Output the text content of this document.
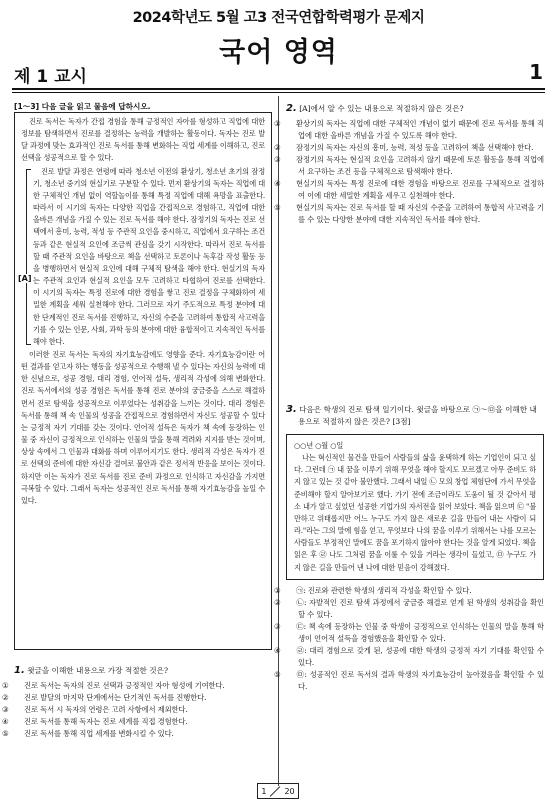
2024학년도 5월 고3 전국연합학력평가 문제지
국어 영역
제 1 교시	1
[1～3] 다음 글을 읽고 물음에 답하시오.

진로 독서는 독자가 간접 경험을 통해 긍정적인 자아를 형성하고 직업에 대한 정보를 탐색하면서 진로를 결정하는 능력을 개발하는 활동이다. 독자는 진로 발달 과정에 맞는 효과적인 진로 독서를 통해 변화하는 직업 세계를 이해하고, 진로 선택을 성공적으로 할 수 있다.

[A]

진로 발달 과정은 연령에 따라 청소년 이전의 환상기, 청소년 초기의 잠정기, 청소년 중기의 현실기로 구분할 수 있다. 먼저 환상기의 독자는 직업에 대한 구체적인 개념 없이 역할놀이를 통해 특정 직업에 대해 욕망을 표출한다. 따라서 이 시기의 독자는 다양한 직업을 간접적으로 경험하고, 직업에 대한 올바른 개념을 가질 수 있는 진로 독서를 해야 한다. 잠정기의 독자는 진로 선택에서 흥미, 능력, 적성 등 주관적 요인을 중시하고, 직업에서 요구하는 조건 등과 같은 현실적 요인에 조금씩 관심을 갖기 시작한다. 따라서 진로 독서를 할 때 주관적 요인을 바탕으로 책을 선택하고 토론이나 독후감 작성 활동 등을 병행하면서 현실적 요인에 대해 구체적 탐색을 해야 한다. 현실기의 독자는 주관적 요인과 현실적 요인을 모두 고려하고 타협하여 진로를 선택한다. 이 시기의 독자는 특정 진로에 대한 경험을 쌓고 진로 결정을 구체화하여 세밀한 계획을 세워 실천해야 한다. 그러므로 자기 주도적으로 특정 분야에 대한 단계적인 진로 독서를 진행하고, 자신의 수준을 고려하여 통합적 사고력을 기를 수 있는 인문, 사회, 과학 등의 분야에 대한 융합적이고 지속적인 독서를 해야 한다.

이러한 진로 독서는 독자의 자기효능감에도 영향을 준다. 자기효능감이란 어떤 결과를 얻고자 하는 행동을 성공적으로 수행해 낼 수 있다는 자신의 능력에 대한 신념으로, 성공 경험, 대리 경험, 언어적 설득, 생리적 각성에 의해 변화한다. 진로 독서에서의 성공 경험은 독서를 통해 진로 분야의 궁금증을 스스로 해결하면서 진로 탐색을 성공적으로 이루었다는 성취감을 느끼는 것이다. 대리 경험은 독서를 통해 책 속 인물의 성공을 간접적으로 경험하면서 자신도 성공할 수 있다는 긍정적 자기 기대를 갖는 것이다. 언어적 설득은 독자가 책 속에 등장하는 인물 중 자신이 긍정적으로 인식하는 인물의 말을 통해 격려와 지지를 받는 것이며, 상상 속에서 그 인물과 대화를 하며 이루어지기도 한다. 생리적 각성은 독자가 진로 선택의 준비에 대한 자신감 결여로 불안과 같은 정서적 반응을 보이는 것이다. 하지만 이는 독자가 진로 독서를 진로 준비 과정으로 인식하고 자신감을 가지면 극복할 수 있다. 그래서 독자는 성공적인 진로 독서를 통해 자기효능감을 높일 수 있다.

1. 윗글을 이해한 내용으로 가장 적절한 것은?
① 진로 독서는 독자의 진로 선택과 긍정적인 자아 형성에 기여한다.
② 진로 발달의 마지막 단계에서는 단기적인 독서를 진행한다.
③ 진로 독서 시 독자의 연령은 고려 사항에서 제외한다.
④ 진로 독서를 통해 독자는 진로 세계를 직접 경험한다.
⑤ 진로 독서를 통해 직업 세계를 변화시킬 수 있다.
2. [A]에서 알 수 있는 내용으로 적절하지 않은 것은?
① 환상기의 독자는 직업에 대한 구체적인 개념이 없기 때문에 진로 독서를 통해 직업에 대한 올바른 개념을 가질 수 있도록 해야 한다.
② 잠정기의 독자는 자신의 흥미, 능력, 적성 등을 고려하여 책을 선택해야 한다.
③ 잠정기의 독자는 현실적 요인을 고려하지 않기 때문에 토론 활동을 통해 직업에서 요구하는 조건 등을 구체적으로 탐색해야 한다.
④ 현실기의 독자는 특정 진로에 대한 경험을 바탕으로 진로를 구체적으로 결정하여 이에 대한 세밀한 계획을 세우고 실천해야 한다.
⑤ 현실기의 독자는 진로 독서를 할 때 자신의 수준을 고려하여 통합적 사고력을 기를 수 있는 다양한 분야에 대한 지속적인 독서를 해야 한다.
3. 다음은 학생의 진로 탐색 일기이다. 윗글을 바탕으로 ㉠～㉤을 이해한 내용으로 적절하지 않은 것은? [3점]
○○년 ○월 ○일

나는 혁신적인 물건을 만들어 사람들의 삶을 윤택하게 하는 기업인이 되고 싶다. 그런데 ㉠ 내 꿈을 이루기 위해 무엇을 해야 할지도 모르겠고 아무 준비도 하지 않고 있는 것 같아 불안했다. 그래서 내일 ㉡ 모의 창업 체험단에 가서 무엇을 준비해야 할지 알아보기로 했다. 가기 전에 조금이라도 도움이 될 것 같아서 평소 내가 알고 싶었던 성공한 기업가의 자서전을 읽어 보았다. 책을 읽으며 ㉢ "불만하고 위태롭지만 어느 누구도 가지 않은 새로운 길을 만들어 내는 사람이 되라."라는 그의 말에 힘을 얻고, 무엇보다 나의 꿈을 이루기 위해서는 나를 모르는 사람들도 부정적인 말에도 꿈을 포기하지 않아야 한다는 것을 알게 되었다. 책을 읽은 후 ㉣ 나도 그처럼 꿈을 이룰 수 있을 거라는 생각이 들었고, ㉤ 누구도 가지 않은 길을 만들어 낸 나에 대한 믿음이 강해졌다.

① ㉠: 진로와 관련한 학생의 생리적 각성을 확인할 수 있다.
② ㉡: 자발적인 진로 탐색 과정에서 궁금증 해결로 얻게 된 학생의 성취감을 확인할 수 있다.
③ ㉢: 책 속에 등장하는 인물 중 학생이 긍정적으로 인식하는 인물의 말을 통해 학생이 언어적 설득을 경험했음을 확인할 수 있다.
④ ㉣: 대리 경험으로 갖게 된, 성공에 대한 학생의 긍정적 자기 기대를 확인할 수 있다.
⑤ ㉤: 성공적인 진로 독서의 결과 학생의 자기효능감이 높아졌음을 확인할 수 있다.
1 20
